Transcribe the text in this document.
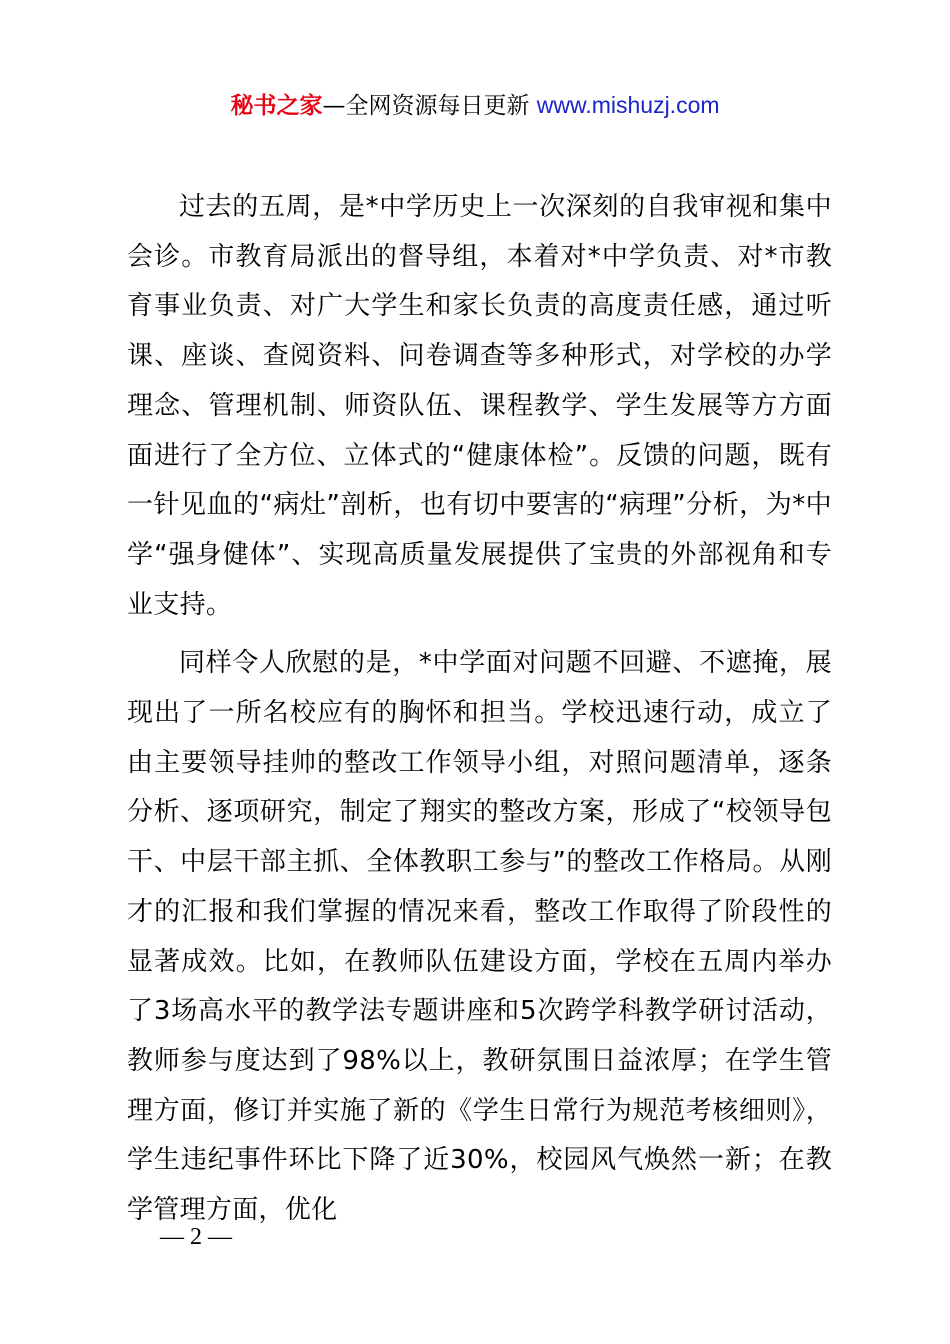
秘书之家—全网资源每日更新 www.mishuzj.com

过去的五周，是*中学历史上一次深刻的自我审视和集中会诊。市教育局派出的督导组，本着对*中学负责、对*市教育事业负责、对广大学生和家长负责的高度责任感，通过听课、座谈、查阅资料、问卷调查等多种形式，对学校的办学理念、管理机制、师资队伍、课程教学、学生发展等方方面面进行了全方位、立体式的“健康体检”。反馈的问题，既有一针见血的“病灶”剖析，也有切中要害的“病理”分析，为*中学“强身健体”、实现高质量发展提供了宝贵的外部视角和专业支持。

同样令人欣慰的是，*中学面对问题不回避、不遮掩，展现出了一所名校应有的胸怀和担当。学校迅速行动，成立了由主要领导挂帅的整改工作领导小组，对照问题清单，逐条分析、逐项研究，制定了翔实的整改方案，形成了“校领导包干、中层干部主抓、全体教职工参与”的整改工作格局。从刚才的汇报和我们掌握的情况来看，整改工作取得了阶段性的显著成效。比如，在教师队伍建设方面，学校在五周内举办了3场高水平的教学法专题讲座和5次跨学科教学研讨活动，教师参与度达到了98%以上，教研氛围日益浓厚；在学生管理方面，修订并实施了新的《学生日常行为规范考核细则》，学生违纪事件环比下降了近30%，校园风气焕然一新；在教学管理方面，优化

— 2 —
